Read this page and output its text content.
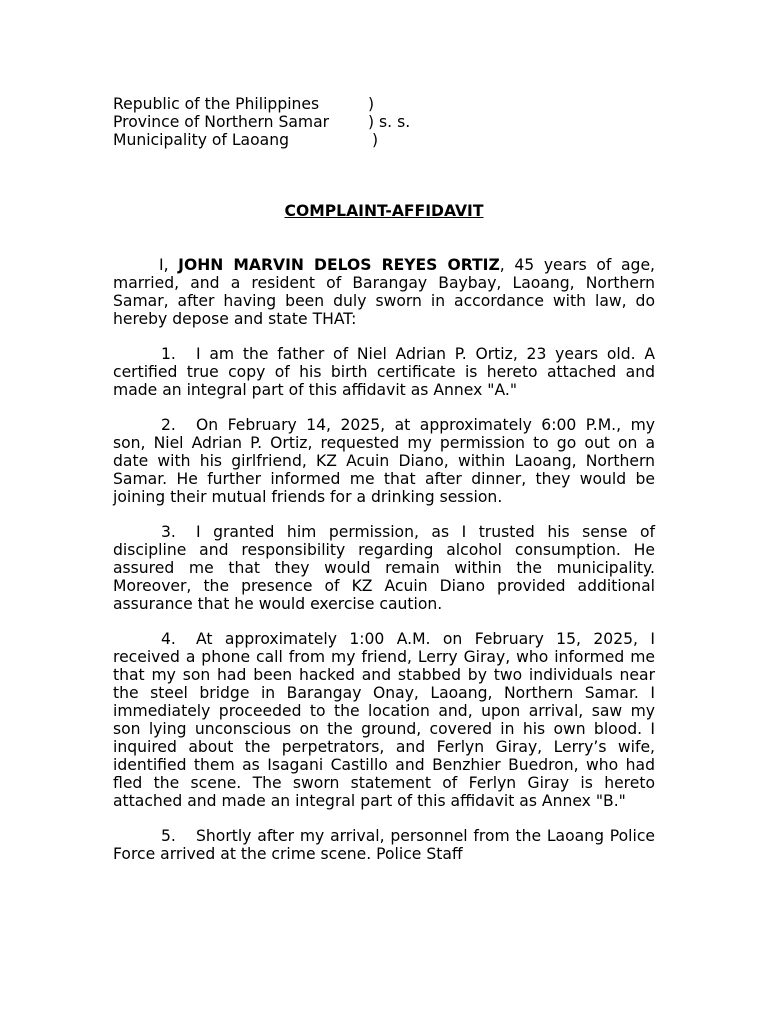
Republic of the Philippines	)
Province of Northern Samar ) s. s.
Municipality of Laoang	)
COMPLAINT-AFFIDAVIT

I, JOHN MARVIN DELOS REYES ORTIZ, 45 years of age, married, and a resident of Barangay Baybay, Laoang, Northern Samar, after having been duly sworn in accordance with law, do hereby depose and state THAT:

1. I am the father of Niel Adrian P. Ortiz, 23 years old. A certified true copy of his birth certificate is hereto attached and made an integral part of this affidavit as Annex "A."

2. On February 14, 2025, at approximately 6:00 P.M., my son, Niel Adrian P. Ortiz, requested my permission to go out on a date with his girlfriend, KZ Acuin Diano, within Laoang, Northern Samar. He further informed me that after dinner, they would be joining their mutual friends for a drinking session.

3. I granted him permission, as I trusted his sense of discipline and responsibility regarding alcohol consumption. He assured me that they would remain within the municipality. Moreover, the presence of KZ Acuin Diano provided additional assurance that he would exercise caution.

4. At approximately 1:00 A.M. on February 15, 2025, I received a phone call from my friend, Lerry Giray, who informed me that my son had been hacked and stabbed by two individuals near the steel bridge in Barangay Onay, Laoang, Northern Samar. I immediately proceeded to the location and, upon arrival, saw my son lying unconscious on the ground, covered in his own blood. I inquired about the perpetrators, and Ferlyn Giray, Lerry’s wife, identified them as Isagani Castillo and Benzhier Buedron, who had fled the scene. The sworn statement of Ferlyn Giray is hereto attached and made an integral part of this affidavit as Annex "B."

5. Shortly after my arrival, personnel from the Laoang Police Force arrived at the crime scene. Police Staff
